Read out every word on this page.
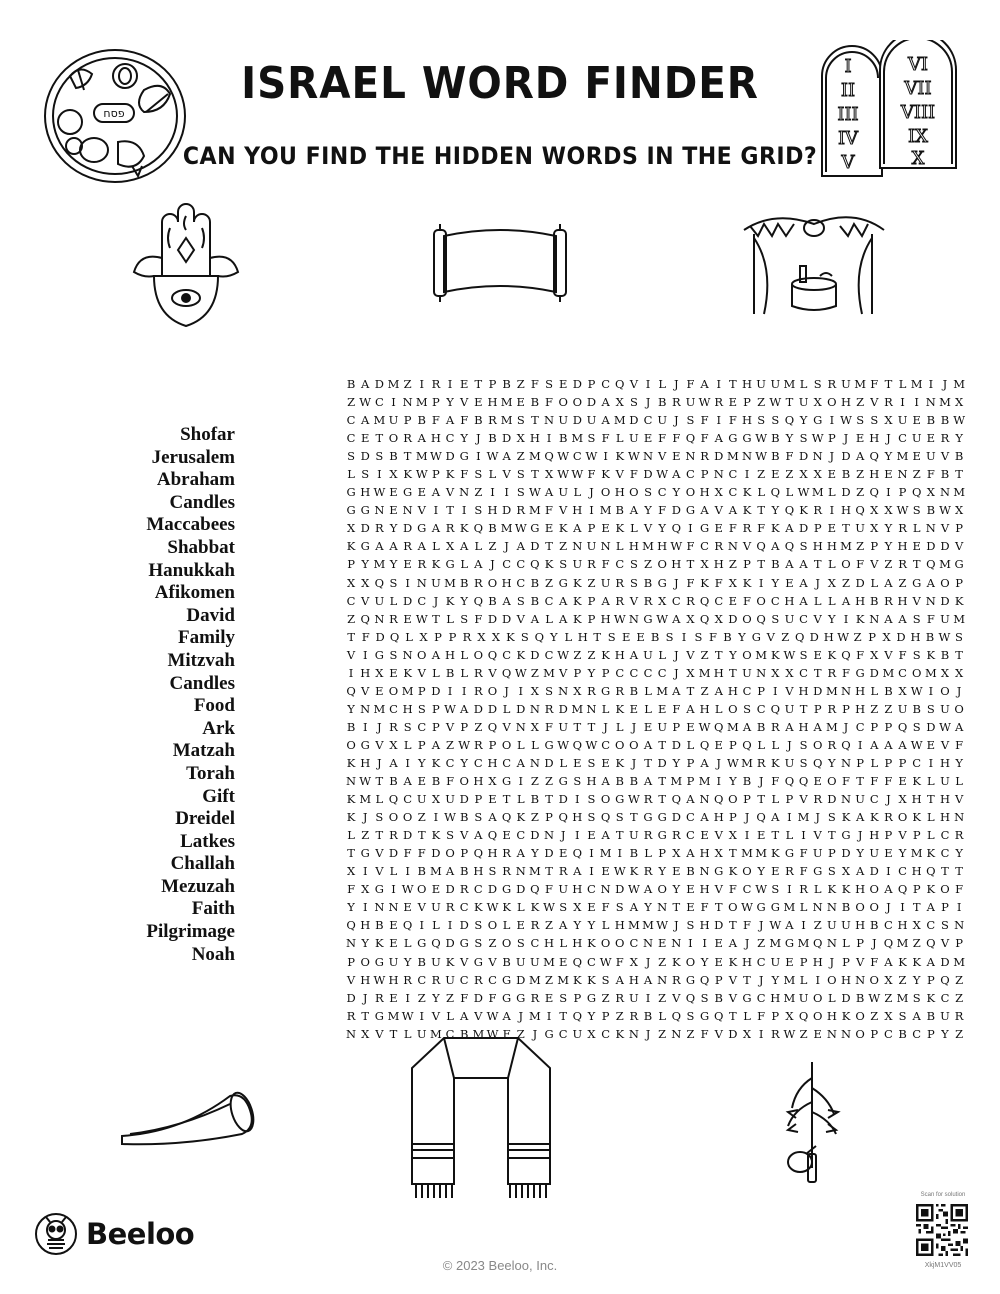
ISRAEL WORD FINDER
CAN YOU FIND THE HIDDEN WORDS IN THE GRID?
פסח
I
II
III
IV
V
VI
VII
VIII
IX
X
Shofar
Jerusalem
Abraham
Candles
Maccabees
Shabbat
Hanukkah
Afikomen
David
Family
Mitzvah
Candles
Food
Ark
Matzah
Torah
Gift
Dreidel
Latkes
Challah
Mezuzah
Faith
Pilgrimage
Noah
B A D M Z I R I E T P B Z F S E D P C Q V I L J F A I T H U U M L S R U M F T L M I J M
Z W C I N M P Y V E H M E B F O O D A X S J B R U W R E P Z W T U X O H Z V R I I N M X
C A M U P B F A F B R M S T N U D U A M D C U J S F I F H S S Q Y G I W S S X U E B B W
C E T O R A H C Y J B D X H I B M S F L U E F F Q F A G G W B Y S W P J E H J C U E R Y
S D S B T M W D G I W A Z M Q W C W I K W N V E N R D M N W B F D N J D A Q Y M E U V B
L S I X K W P K F S L V S T X W W F K V F D W A C P N C I Z E Z X X E B Z H E N Z F B T
G H W E G E A V N Z I I S W A U L J O H O S C Y O H X C K L Q L W M L D Z Q I P Q X N M
G G N E N V I T I S H D R M F V H I M B A Y F D G A V A K T Y Q K R I H Q X X W S B W X
X D R Y D G A R K Q B M W G E K A P E K L V Y Q I G E F R F K A D P E T U X Y R L N V P
K G A A R A L X A L Z J A D T Z N U N L H M H W F C R N V Q A Q S H H M Z P Y H E D D V
P Y M Y E R K G L A J C C Q K S U R F C S Z O H T X H Z P T B A A T L O F V Z R T Q M G
X X Q S I N U M B R O H C B Z G K Z U R S B G J F K F X K I Y E A J X Z D L A Z G A O P
C V U L D C J K Y Q B A S B C A K P A R V R X C R Q C E F O C H A L L A H B R H V N D K
Z Q N R E W T L S F D D V A L A K P H W N G W A X Q X D O Q S U C V Y I K N A A S F U M
T F D Q L X P P R X X K S Q Y L H T S E E B S I S F B Y G V Z Q D H W Z P X D H B W S
V I G S N O A H L O Q C K D C W Z Z K H A U L J V Z T Y O M K W S E K Q F X V F S K B T
I H X E K V L B L R V Q W Z M V P Y P C C C C J X M H T U N X X C T R F G D M C O M X X
Q V E O M P D I I R O J I X S N X R G R B L M A T Z A H C P I V H D M N H L B X W I O J
Y N M C H S P W A D D L D N R D M N L K E L E F A H L O S C Q U T P R P H Z Z U B S U O
B I J R S C P V P Z Q V N X F U T T J L J E U P E W Q M A B R A H A M J C P P Q S D W A
O G V X L P A Z W R P O L L G W Q W C O O A T D L Q E P Q L L J S O R Q I A A A W E V F
K H J A I Y K C Y C H C A N D L E S E K J T D Y P A J W M R K U S Q Y N P L P P C I H Y
N W T B A E B F O H X G I Z Z G S H A B B A T M P M I Y B J F Q Q E O F T F F E K L U L
K M L Q C U X U D P E T L B T D I S O G W R T Q A N Q O P T L P V R D N U C J X H T H V
K J S O O Z I W B S A Q K Z P Q H S Q S T G G D C A H P J Q A I M J S K A K R O K L H N
L Z T R D T K S V A Q E C D N J I E A T U R G R C E V X I E T L I V T G J H P V P L C R
T G V D F F D O P Q H R A Y D E Q I M I B L P X A H X T M M K G F U P D Y U E Y M K C Y
X I V L I B M A B H S R N M T R A I E W K R Y E B N G K O Y E R F G S X A D I C H Q T T
F X G I W O E D R C D G D Q F U H C N D W A O Y E H V F C W S I R L K K H O A Q P K O F
Y I N N E V U R C K W K L K W S X E F S A Y N T E F T O W G G M L N N B O O J I T A P I
Q H B E Q I L I D S O L E R Z A Y Y L H M M W J S H D T F J W A I Z U U H B C H X C S N
N Y K E L G Q D G S Z O S C H L H K O O C N E N I I E A J Z M G M Q N L P J Q M Z Q V P
P O G U Y B U K V G V B U U M E Q C W F X J Z K O Y E K H C U E P H J P V F A K K A D M
V H W H R C R U C R C G D M Z M K K S A H A N R G Q P V T J Y M L I O H N O X Z Y P Q Z
D J R E I Z Y Z F D F G G R E S P G Z R U I Z V Q S B V G C H M U O L D B W Z M S K C Z
R T G M W I V L A V W A J M I T Q Y P Z R B L Q S G Q T L F P X Q O H K O Z X S A B U R
N X V T L U M C B M W F Z J G C U X C K N J Z N Z F V D X I R W Z E N N O P C B C P Y Z
Beeloo
© 2023 Beeloo, Inc.
Scan for solution
XkjM1VV05
